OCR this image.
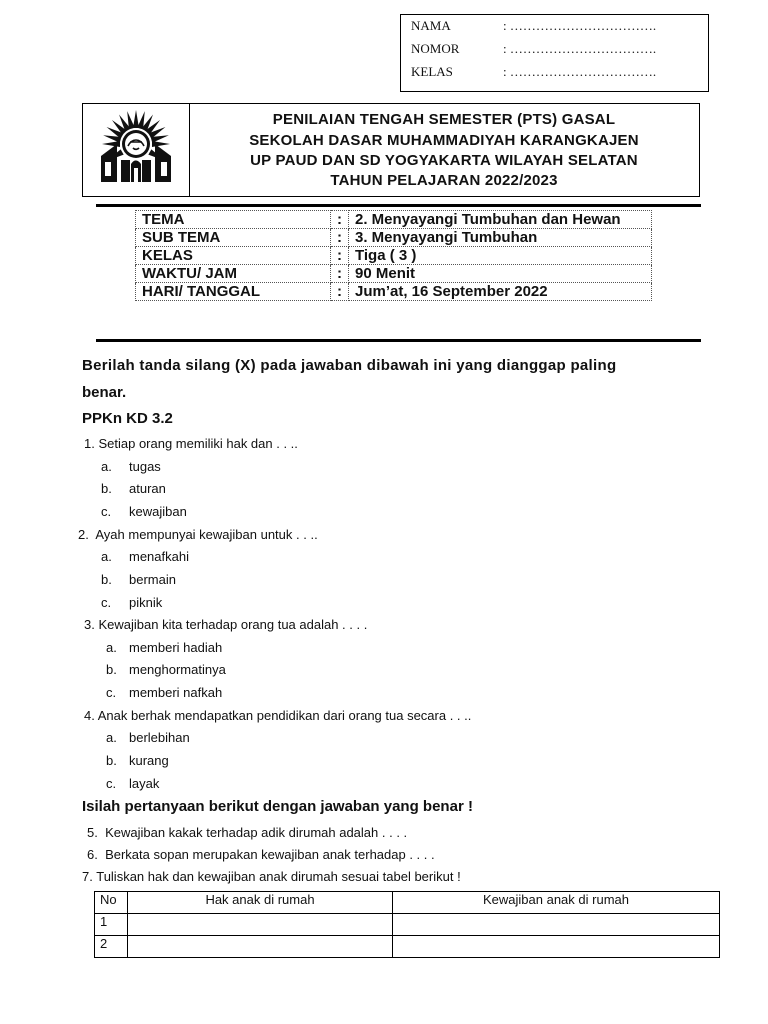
NAMA	: …………………………….
NOMOR	: …………………………….
KELAS	: …………………………….
PENILAIAN TENGAH SEMESTER (PTS) GASAL
SEKOLAH DASAR MUHAMMADIYAH KARANGKAJEN
UP PAUD DAN SD YOGYAKARTA WILAYAH SELATAN
TAHUN PELAJARAN 2022/2023
TEMA	:	2. Menyayangi Tumbuhan dan Hewan
SUB TEMA	:	3. Menyayangi Tumbuhan
KELAS	:	Tiga ( 3 )
WAKTU/ JAM	:	90 Menit
HARI/ TANGGAL	:	Jum’at, 16 September 2022
Berilah tanda silang (X) pada jawaban dibawah ini yang dianggap paling
benar.
PPKn KD 3.2
1. Setiap orang memiliki hak dan . . ..
a. tugas
b. aturan
c. kewajiban
2. Ayah mempunyai kewajiban untuk . . ..
a. menafkahi
b. bermain
c. piknik
3. Kewajiban kita terhadap orang tua adalah . . . .
a. memberi hadiah
b. menghormatinya
c. memberi nafkah
4. Anak berhak mendapatkan pendidikan dari orang tua secara . . ..
a. berlebihan
b. kurang
c. layak
Isilah pertanyaan berikut dengan jawaban yang benar !
5. Kewajiban kakak terhadap adik dirumah adalah . . . .
6. Berkata sopan merupakan kewajiban anak terhadap . . . .
7. Tuliskan hak dan kewajiban anak dirumah sesuai tabel berikut !
No	Hak anak di rumah	Kewajiban anak di rumah
1		
2		
